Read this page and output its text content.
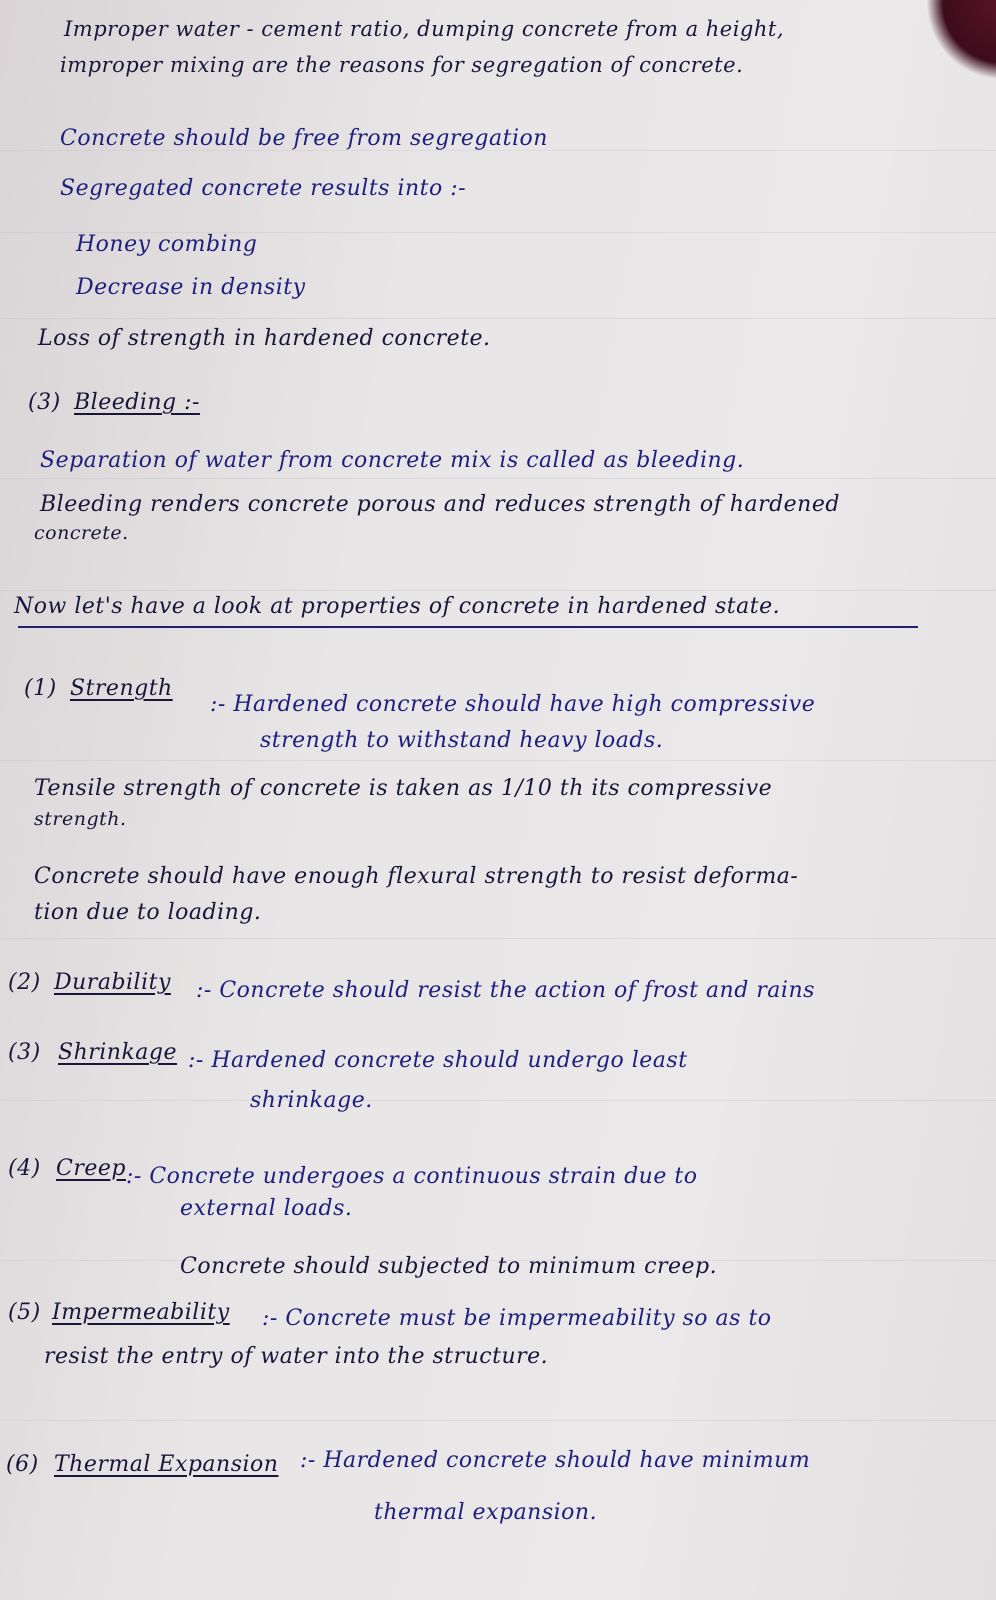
Improper water - cement ratio, dumping concrete from a height,

improper mixing are the reasons for segregation of concrete.

Concrete should be free from segregation

Segregated concrete results into :-

Honey combing

Decrease in density

Loss of strength in hardened concrete.

(3) Bleeding :-

Separation of water from concrete mix is called as bleeding.

Bleeding renders concrete porous and reduces strength of hardened

concrete.

Now let's have a look at properties of concrete in hardened state.

(1) Strength

:- Hardened concrete should have high compressive

strength to withstand heavy loads.

Tensile strength of concrete is taken as 1/10 th its compressive

strength.

Concrete should have enough flexural strength to resist deforma-

tion due to loading.

(2) Durability :- Concrete should resist the action of frost and rains

(3) Shrinkage :- Hardened concrete should undergo least

shrinkage.

(4) Creep :- Concrete undergoes a continuous strain due to

external loads.

Concrete should subjected to minimum creep.

(5) Impermeability :- Concrete must be impermeability so as to

resist the entry of water into the structure.

(6) Thermal Expansion :- Hardened concrete should have minimum

thermal expansion.
